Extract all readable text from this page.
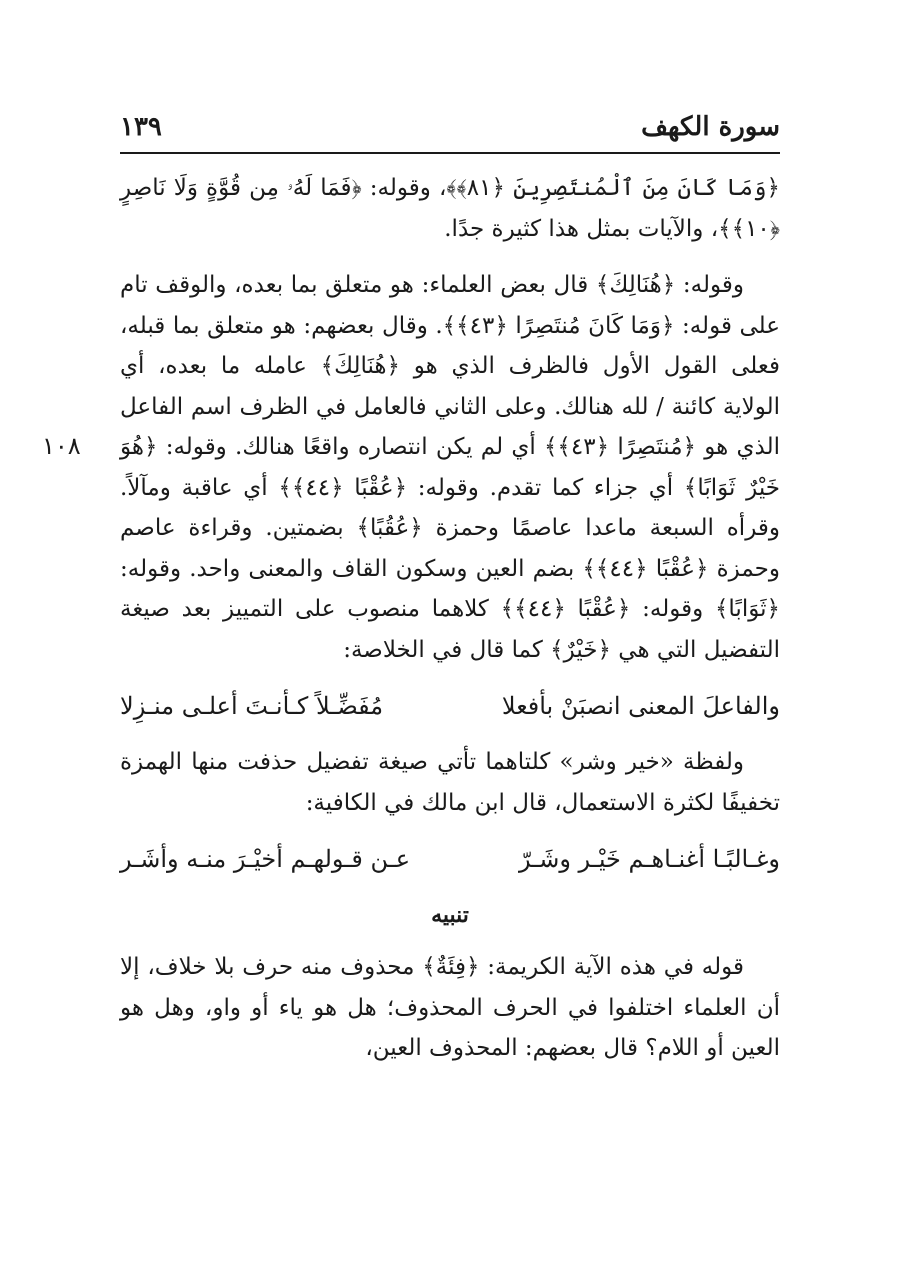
سورة الكهف
١٣٩
١٠٨

﴿وَمَا كَانَ مِنَ ٱلْمُنتَصِرِينَ ﴿٨١﴾﴾، وقوله: ﴿فَمَا لَهُۥ مِن قُوَّةٍ وَلَا نَاصِرٍ ﴿١٠﴾﴾، والآيات بمثل هذا كثيرة جدًا.

وقوله: ﴿هُنَالِكَ﴾ قال بعض العلماء: هو متعلق بما بعده، والوقف تام على قوله: ﴿وَمَا كَانَ مُنتَصِرًا ﴿٤٣﴾﴾. وقال بعضهم: هو متعلق بما قبله، فعلى القول الأول فالظرف الذي هو ﴿هُنَالِكَ﴾ عامله ما بعده، أي الولاية كائنة / لله هنالك. وعلى الثاني فالعامل في الظرف اسم الفاعل الذي هو ﴿مُنتَصِرًا ﴿٤٣﴾﴾ أي لم يكن انتصاره واقعًا هنالك. وقوله: ﴿هُوَ خَيْرٌ ثَوَابًا﴾ أي جزاء كما تقدم. وقوله: ﴿عُقْبًا ﴿٤٤﴾﴾ أي عاقبة ومآلاً. وقرأه السبعة ماعدا عاصمًا وحمزة ﴿عُقُبًا﴾ بضمتين. وقراءة عاصم وحمزة ﴿عُقْبًا ﴿٤٤﴾﴾ بضم العين وسكون القاف والمعنى واحد. وقوله: ﴿ثَوَابًا﴾ وقوله: ﴿عُقْبًا ﴿٤٤﴾﴾ كلاهما منصوب على التمييز بعد صيغة التفضيل التي هي ﴿خَيْرٌ﴾ كما قال في الخلاصة:

والفاعلَ المعنى انصبَنْ بأفعلا
مُفَضِّـلاً كـأنـتَ أعلـى منـزِلا

ولفظة «خير وشر» كلتاهما تأتي صيغة تفضيل حذفت منها الهمزة تخفيفًا لكثرة الاستعمال، قال ابن مالك في الكافية:

وغـالبًـا أغنـاهـم خَيْـر وشَـرّ
عـن قـولهـم أخيْـرَ منـه وأشَـر
تنبيه

قوله في هذه الآية الكريمة: ﴿فِئَةٌ﴾ محذوف منه حرف بلا خلاف، إلا أن العلماء اختلفوا في الحرف المحذوف؛ هل هو ياء أو واو، وهل هو العين أو اللام؟ قال بعضهم: المحذوف العين،
